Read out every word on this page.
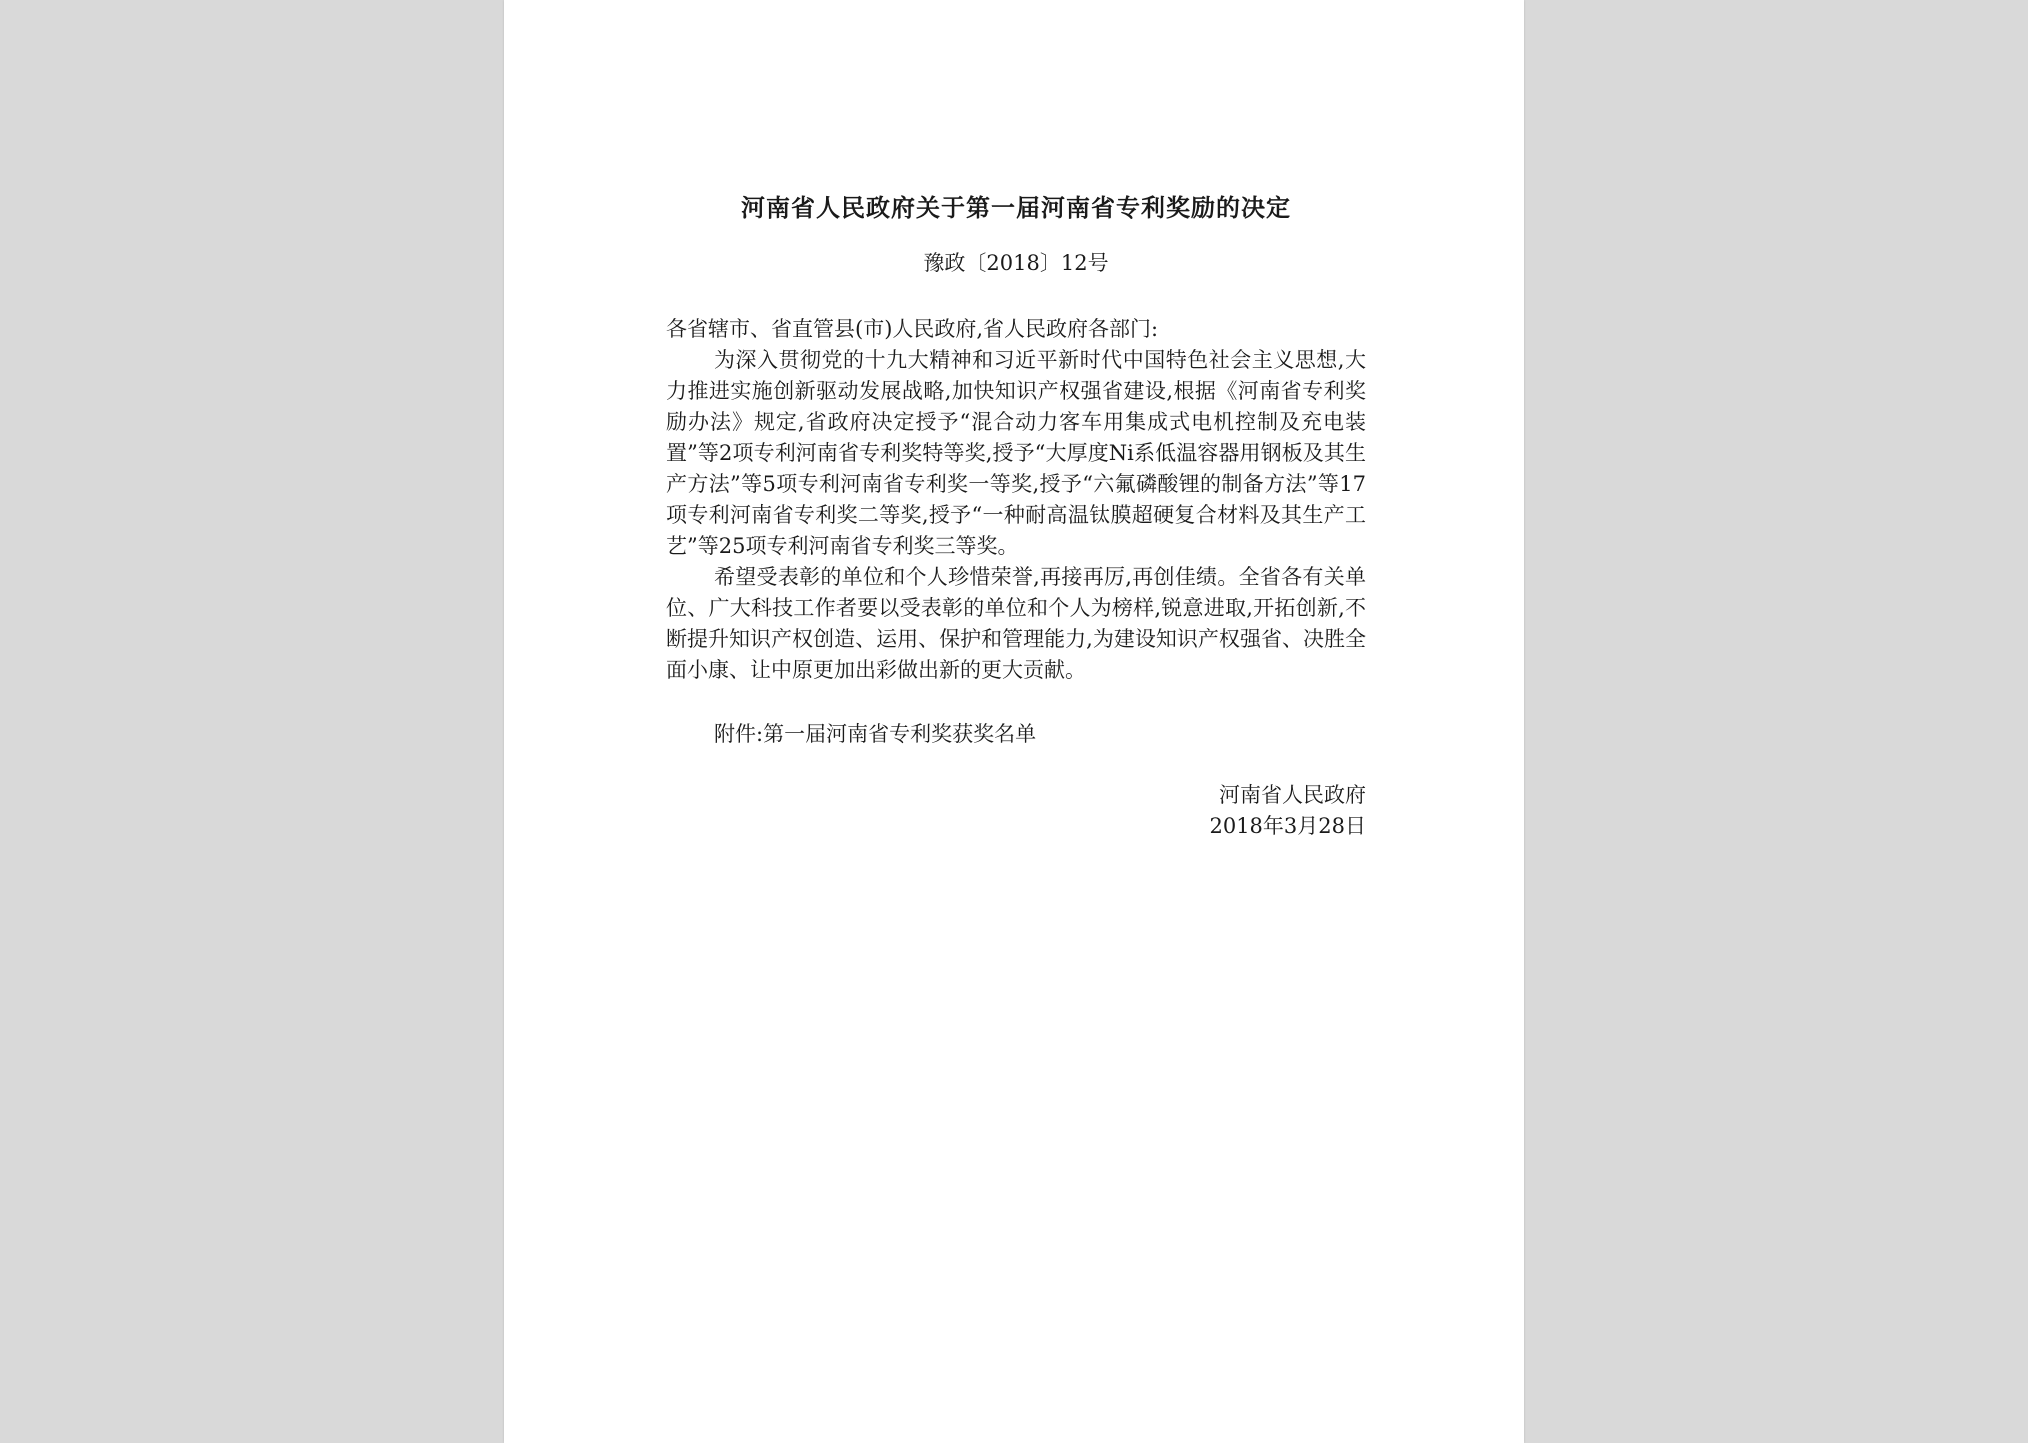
河南省人民政府关于第一届河南省专利奖励的决定
豫政〔2018〕12号

各省辖市、省直管县(市)人民政府,省人民政府各部门:

为深入贯彻党的十九大精神和习近平新时代中国特色社会主义思想,大力推进实施创新驱动发展战略,加快知识产权强省建设,根据《河南省专利奖励办法》规定,省政府决定授予“混合动力客车用集成式电机控制及充电装置”等2项专利河南省专利奖特等奖,授予“大厚度Ni系低温容器用钢板及其生产方法”等5项专利河南省专利奖一等奖,授予“六氟磷酸锂的制备方法”等17项专利河南省专利奖二等奖,授予“一种耐高温钛膜超硬复合材料及其生产工艺”等25项专利河南省专利奖三等奖。

希望受表彰的单位和个人珍惜荣誉,再接再厉,再创佳绩。全省各有关单位、广大科技工作者要以受表彰的单位和个人为榜样,锐意进取,开拓创新,不断提升知识产权创造、运用、保护和管理能力,为建设知识产权强省、决胜全面小康、让中原更加出彩做出新的更大贡献。

附件:第一届河南省专利奖获奖名单
河南省人民政府
2018年3月28日
